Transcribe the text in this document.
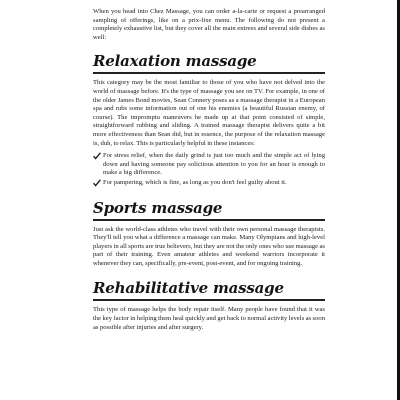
When you head into Chez Massage, you can order a-la-carte or request a prearranged sampling of offerings, like on a prix-fixe menu. The following do not present a completely exhaustive list, but they cover all the main entrees and several side dishes as well:

Relaxation massage

This category may be the most familiar to those of you who have not delved into the world of massage before. It's the type of massage you see on TV. For example, in one of the older James Bond movies, Sean Connery poses as a massage therapist in a European spa and rubs some information out of one his enemies (a beautiful Russian enemy, of course). The impromptu maneuvers he made up at that point consisted of simple, straightforward rubbing and sliding. A trained massage therapist delivers quite a bit more effectiveness than Sean did, but in essence, the purpose of the relaxation massage is, duh, to relax. This is particularly helpful in these instances:

For stress relief, when the daily grind is just too much and the simple act of lying down and having someone pay solicitous attention to you for an hour is enough to make a big difference.
For pampering, which is fine, as long as you don't feel guilty about it.
Sports massage

Just ask the world-class athletes who travel with their own personal massage therapists. They'll tell you what a difference a massage can make. Many Olympians and high-level players in all sports are true believers, but they are not the only ones who use massage as part of their training. Even amateur athletes and weekend warriors incorporate it whenever they can, specifically, pre-event, post-event, and for ongoing training.

Rehabilitative massage

This type of massage helps the body repair itself. Many people have found that it was the key factor in helping them heal quickly and get back to normal activity levels as soon as possible after injuries and after surgery.
